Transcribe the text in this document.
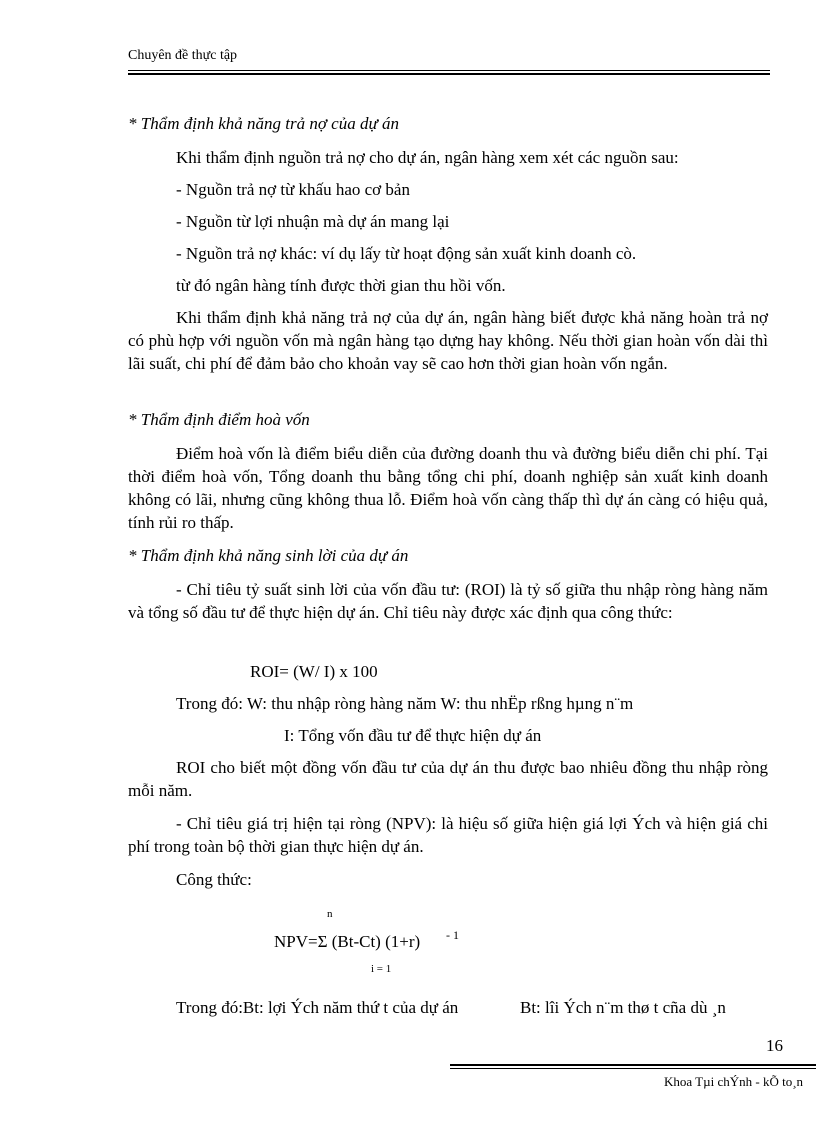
Chuyên đề thực tập
* Thẩm định khả năng trả nợ của dự án
Khi thẩm định nguồn trả nợ cho dự án, ngân hàng xem xét các nguồn sau:
- Nguồn trả nợ từ khấu hao cơ bản
- Nguồn từ lợi nhuận mà dự án mang lại
- Nguồn trả nợ khác: ví dụ lấy từ hoạt động sản xuất kinh doanh cò.
từ đó ngân hàng tính được thời gian thu hồi vốn.
Khi thẩm định khả năng trả nợ của dự án, ngân hàng biết được khả năng hoàn trả nợ có phù hợp với nguồn vốn mà ngân hàng tạo dựng hay không. Nếu thời gian hoàn vốn dài thì lãi suất, chi phí để đảm bảo cho khoản vay sẽ cao hơn thời gian hoàn vốn ngắn.
* Thẩm định điểm hoà vốn
Điểm hoà vốn là điểm biểu diễn của đường doanh thu và đường biểu diễn chi phí. Tại thời điểm hoà vốn, Tổng doanh thu bằng tổng chi phí, doanh nghiệp sản xuất kinh doanh không có lãi, nhưng cũng không thua lỗ. Điểm hoà vốn càng thấp thì dự án càng có hiệu quả, tính rủi ro thấp.
* Thẩm định khả năng sinh lời của dự án
- Chỉ tiêu tỷ suất sinh lời của vốn đầu tư: (ROI) là tỷ số giữa thu nhập ròng hàng năm và tổng số đầu tư để thực hiện dự án. Chỉ tiêu này được xác định qua công thức:
ROI= (W/ I) x 100
Trong đó: W: thu nhập ròng hàng năm W: thu nhËp rßng hµng n¨m
I: Tổng vốn đầu tư để thực hiện dự án
ROI cho biết một đồng vốn đầu tư của dự án thu được bao nhiêu đồng thu nhập ròng mỗi năm.
- Chỉ tiêu giá trị hiện tại ròng (NPV): là hiệu số giữa hiện giá lợi Ých và hiện giá chi phí trong toàn bộ thời gian thực hiện dự án.
Công thức:
n
NPV=Σ (Bt-Ct) (1+r) - 1
i = 1
Trong đó:Bt: lợi Ých năm thứ t của dự án	Bt: lîi Ých n¨m thø t cña dù ¸n
16
Khoa Tµi chÝnh - kÕ to¸n
